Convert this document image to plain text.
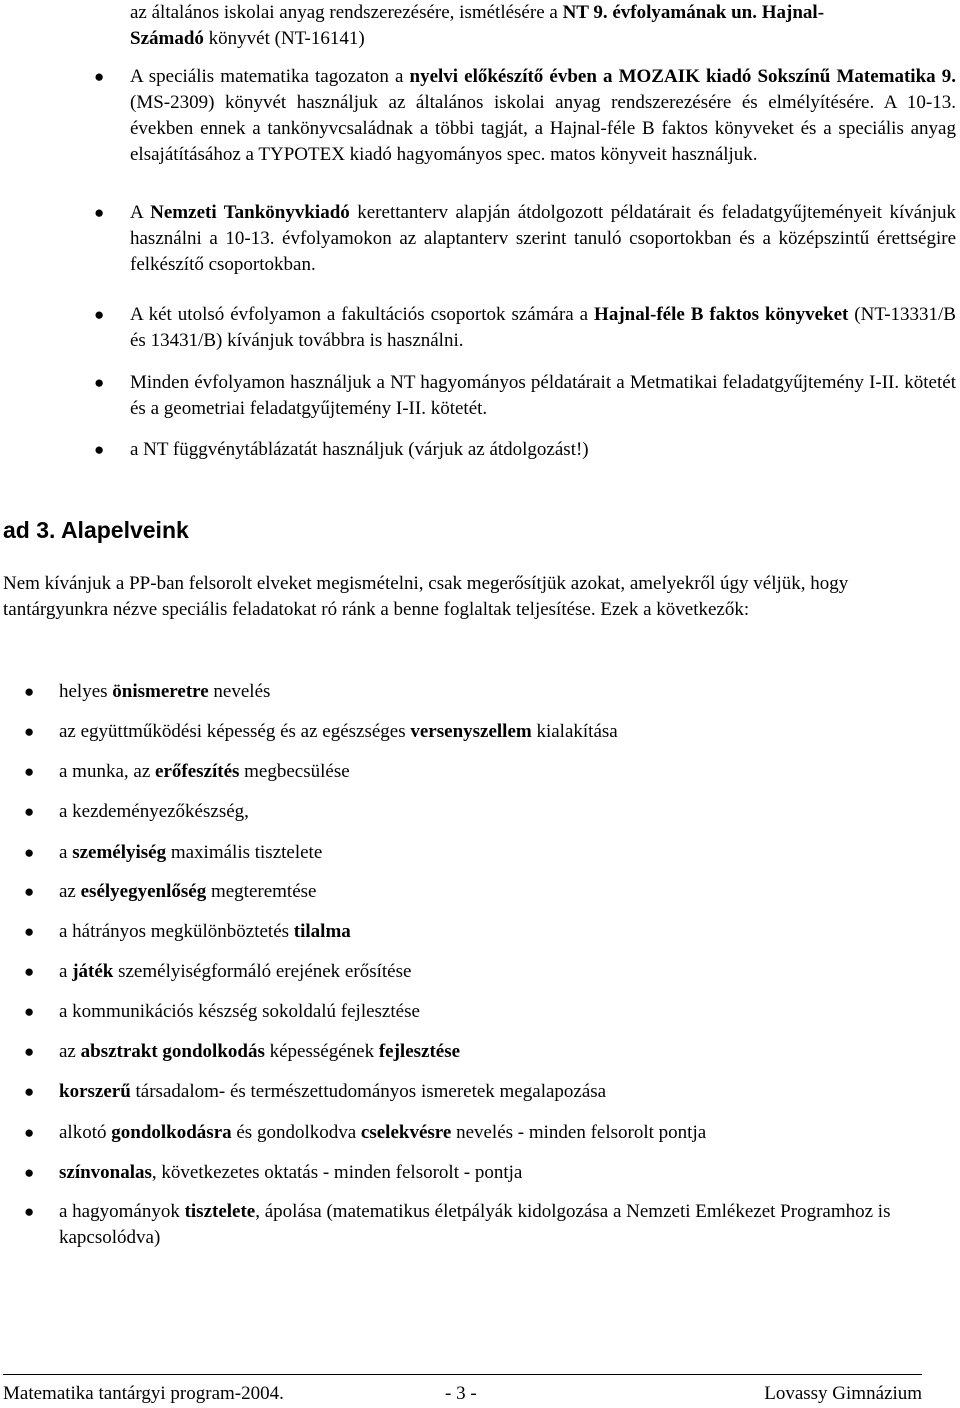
az általános iskolai anyag rendszerezésére, ismétlésére a NT 9. évfolyamának un. Hajnal-
Számadó könyvét (NT-16141)
● A speciális matematika tagozaton a nyelvi előkészítő évben a MOZAIK kiadó Sokszínű Matematika 9. (MS-2309) könyvét használjuk az általános iskolai anyag rendszerezésére és elmélyítésére. A 10-13. években ennek a tankönyvcsaládnak a többi tagját, a Hajnal-féle B faktos könyveket és a speciális anyag elsajátításához a TYPOTEX kiadó hagyományos spec. matos könyveit használjuk.
● A Nemzeti Tankönyvkiadó kerettanterv alapján átdolgozott példatárait és feladatgyűjteményeit kívánjuk használni a 10-13. évfolyamokon az alaptanterv szerint tanuló csoportokban és a középszintű érettségire felkészítő csoportokban.
● A két utolsó évfolyamon a fakultációs csoportok számára a Hajnal-féle B faktos könyveket (NT-13331/B és 13431/B) kívánjuk továbbra is használni.
● Minden évfolyamon használjuk a NT hagyományos példatárait a Metmatikai feladatgyűjtemény I-II. kötetét és a geometriai feladatgyűjtemény I-II. kötetét.
● a NT függvénytáblázatát használjuk (várjuk az átdolgozást!)
ad 3. Alapelveink
Nem kívánjuk a PP-ban felsorolt elveket megismételni, csak megerősítjük azokat, amelyekről úgy véljük, hogy tantárgyunkra nézve speciális feladatokat ró ránk a benne foglaltak teljesítése. Ezek a következők:
● helyes önismeretre nevelés
● az együttműködési képesség és az egészséges versenyszellem kialakítása
● a munka, az erőfeszítés megbecsülése
● a kezdeményezőkészség,
● a személyiség maximális tisztelete
● az esélyegyenlőség megteremtése
● a hátrányos megkülönböztetés tilalma
● a játék személyiségformáló erejének erősítése
● a kommunikációs készség sokoldalú fejlesztése
● az absztrakt gondolkodás képességének fejlesztése
● korszerű társadalom- és természettudományos ismeretek megalapozása
● alkotó gondolkodásra és gondolkodva cselekvésre nevelés - minden felsorolt pontja
● színvonalas, következetes oktatás - minden felsorolt - pontja
● a hagyományok tisztelete, ápolása (matematikus életpályák kidolgozása a Nemzeti Emlékezet Programhoz is kapcsolódva)
Matematika tantárgyi program-2004.	- 3 -	Lovassy Gimnázium
